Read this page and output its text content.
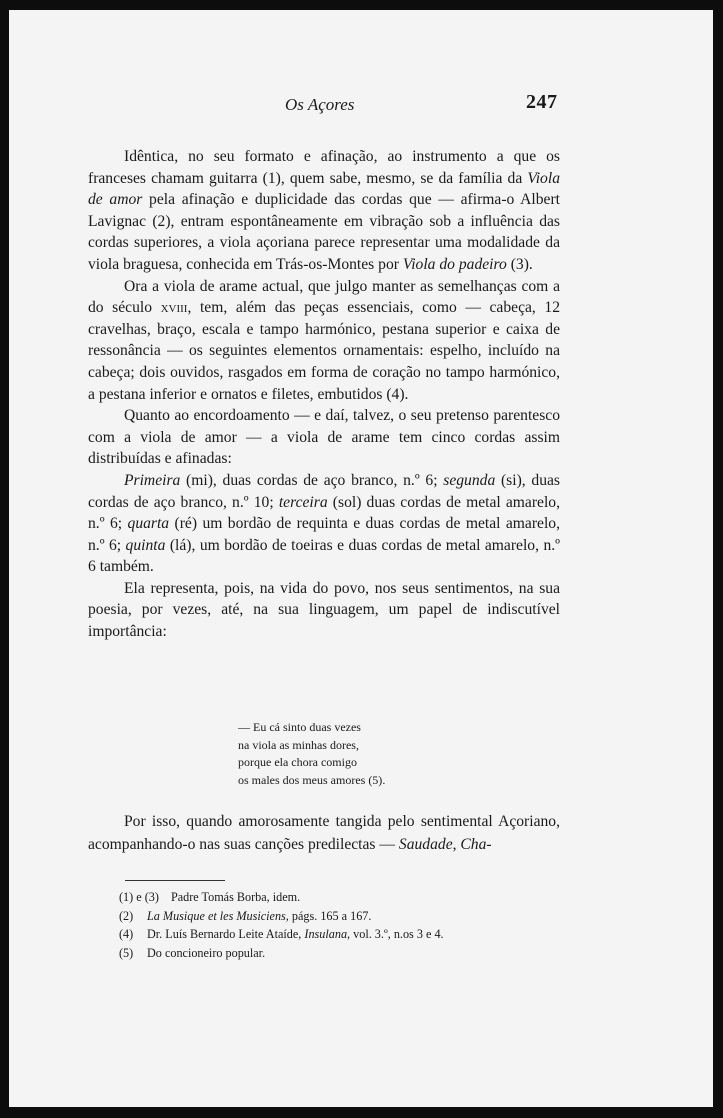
Os Açores	247

Idêntica, no seu formato e afinação, ao instrumento a que os franceses chamam guitarra (1), quem sabe, mesmo, se da família da Viola de amor pela afinação e duplicidade das cordas que — afirma-o Albert Lavignac (2), entram espontâneamente em vibração sob a influência das cordas superiores, a viola açoriana parece representar uma modalidade da viola braguesa, conhecida em Trás-os-Montes por Viola do padeiro (3).

Ora a viola de arame actual, que julgo manter as semelhanças com a do século xviii, tem, além das peças essenciais, como — cabeça, 12 cravelhas, braço, escala e tampo harmónico, pestana superior e caixa de ressonância — os seguintes elementos ornamentais: espelho, incluído na cabeça; dois ouvidos, rasgados em forma de coração no tampo harmónico, a pestana inferior e ornatos e filetes, embutidos (4).

Quanto ao encordoamento — e daí, talvez, o seu pretenso parentesco com a viola de amor — a viola de arame tem cinco cordas assim distribuídas e afinadas:

Primeira (mi), duas cordas de aço branco, n.º 6; segunda (si), duas cordas de aço branco, n.º 10; terceira (sol) duas cordas de metal amarelo, n.º 6; quarta (ré) um bordão de requinta e duas cordas de metal amarelo, n.º 6; quinta (lá), um bordão de toeiras e duas cordas de metal amarelo, n.º 6 também.

Ela representa, pois, na vida do povo, nos seus sentimentos, na sua poesia, por vezes, até, na sua linguagem, um papel de indiscutível importância:

— Eu cá sinto duas vezes
na viola as minhas dores,
porque ela chora comigo
os males dos meus amores (5).
Por isso, quando amorosamente tangida pelo sentimental Açoriano, acompanhando-o nas suas canções predilectas — Saudade, Cha-
(1) e (3) Padre Tomás Borba, idem.
(2) La Musique et les Musiciens, págs. 165 a 167.
(4) Dr. Luís Bernardo Leite Ataíde, Insulana, vol. 3.º, n.os 3 e 4.
(5) Do concioneiro popular.
